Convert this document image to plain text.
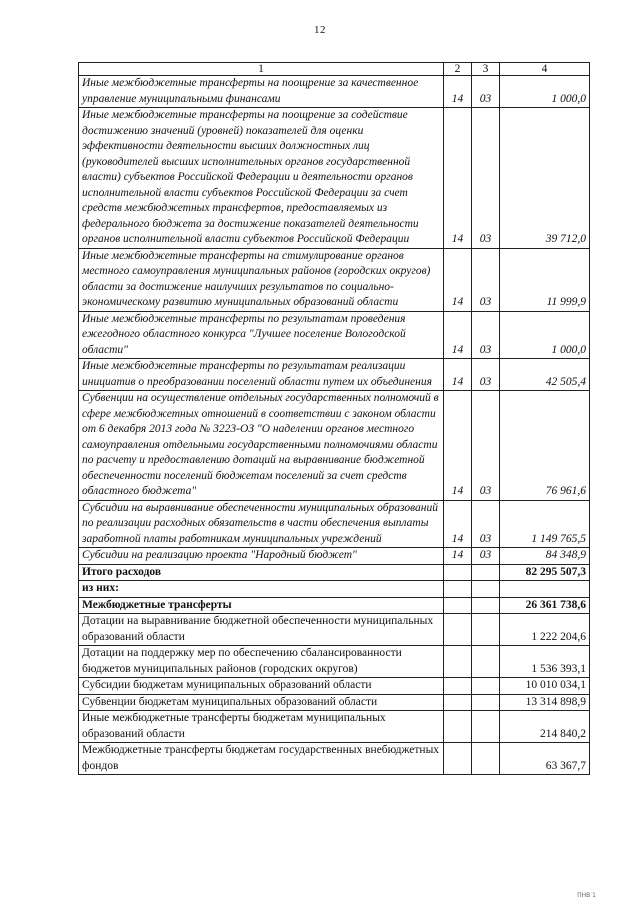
12
1	2	3	4
Иные межбюджетные трансферты на поощрение за качественное управление муниципальными финансами	14	03	1 000,0
Иные межбюджетные трансферты на поощрение за содействие достижению значений (уровней) показателей для оценки эффективности деятельности высших должностных лиц (руководителей высших исполнительных органов государственной власти) субъектов Российской Федерации и деятельности органов исполнительной власти субъектов Российской Федерации за счет средств межбюджетных трансфертов, предоставляемых из федерального бюджета за достижение показателей деятельности органов исполнительной власти субъектов Российской Федерации	14	03	39 712,0
Иные межбюджетные трансферты на стимулирование органов местного самоуправления муниципальных районов (городских округов) области за достижение наилучших результатов по социально-экономическому развитию муниципальных образований области	14	03	11 999,9
Иные межбюджетные трансферты по результатам проведения ежегодного областного конкурса "Лучшее поселение Вологодской области"	14	03	1 000,0
Иные межбюджетные трансферты по результатам реализации инициатив о преобразовании поселений области путем их объединения	14	03	42 505,4
Субвенции на осуществление отдельных государственных полномочий в сфере межбюджетных отношений в соответствии с законом области от 6 декабря 2013 года № 3223-ОЗ "О наделении органов местного самоуправления отдельными государственными полномочиями области по расчету и предоставлению дотаций на выравнивание бюджетной обеспеченности поселений бюджетам поселений за счет средств областного бюджета"	14	03	76 961,6
Субсидии на выравнивание обеспеченности муниципальных образований по реализации расходных обязательств в части обеспечения выплаты заработной платы работникам муниципальных учреждений	14	03	1 149 765,5
Субсидии на реализацию проекта "Народный бюджет"	14	03	84 348,9
Итого расходов			82 295 507,3
из них:			
Межбюджетные трансферты			26 361 738,6
Дотации на выравнивание бюджетной обеспеченности муниципальных образований области			1 222 204,6
Дотации на поддержку мер по обеспечению сбалансированности бюджетов муниципальных районов (городских округов)			1 536 393,1
Субсидии бюджетам муниципальных образований области			10 010 034,1
Субвенции бюджетам муниципальных образований области			13 314 898,9
Иные межбюджетные трансферты бюджетам муниципальных образований области			214 840,2
Межбюджетные трансферты бюджетам государственных внебюджетных фондов			63 367,7
ПНВ 1
